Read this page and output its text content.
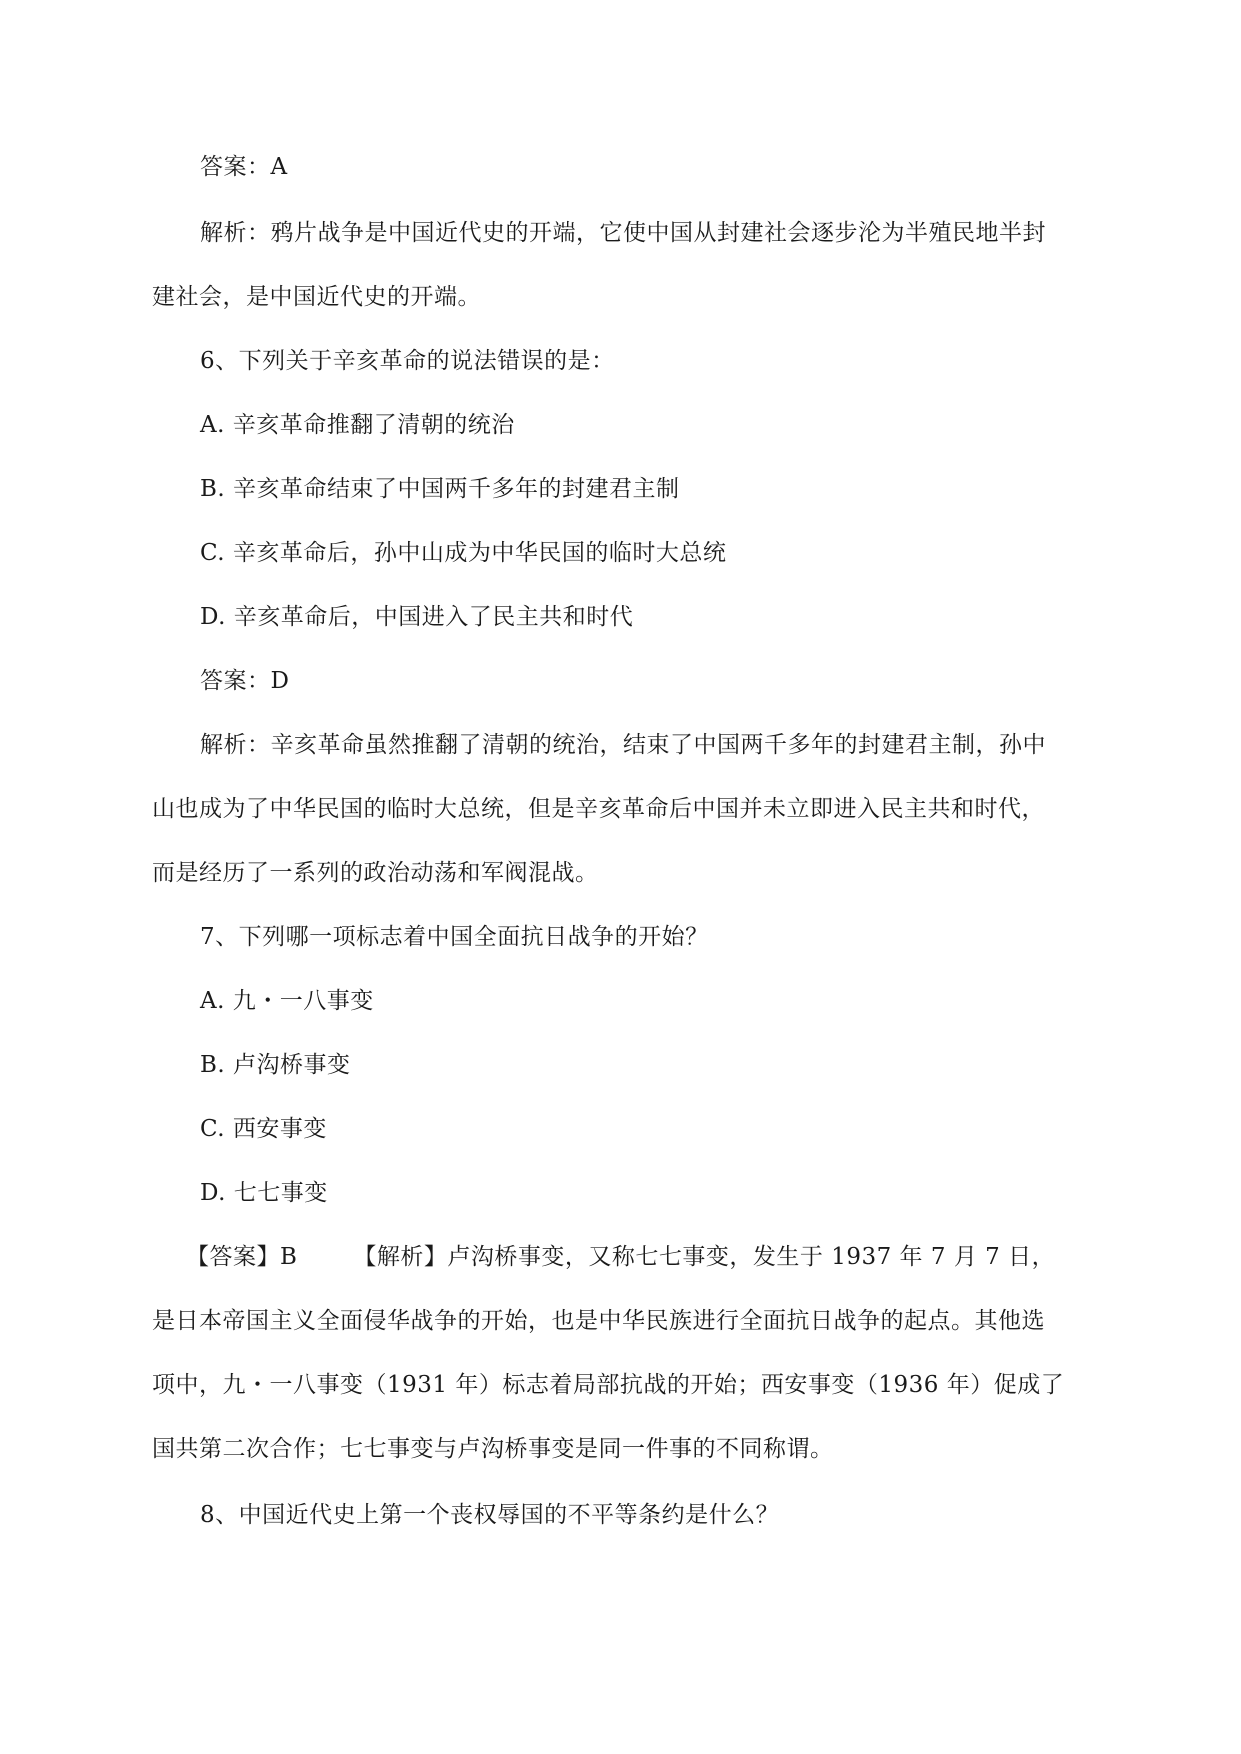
答案：A
解析：鸦片战争是中国近代史的开端，它使中国从封建社会逐步沦为半殖民地半封
建社会，是中国近代史的开端。
6、下列关于辛亥革命的说法错误的是：
A. 辛亥革命推翻了清朝的统治
B. 辛亥革命结束了中国两千多年的封建君主制
C. 辛亥革命后，孙中山成为中华民国的临时大总统
D. 辛亥革命后，中国进入了民主共和时代
答案：D
解析：辛亥革命虽然推翻了清朝的统治，结束了中国两千多年的封建君主制，孙中
山也成为了中华民国的临时大总统，但是辛亥革命后中国并未立即进入民主共和时代，
而是经历了一系列的政治动荡和军阀混战。
7、下列哪一项标志着中国全面抗日战争的开始？
A. 九・一八事变
B. 卢沟桥事变
C. 西安事变
D. 七七事变
【答案】B 【解析】卢沟桥事变，又称七七事变，发生于 1937 年 7 月 7 日，
是日本帝国主义全面侵华战争的开始，也是中华民族进行全面抗日战争的起点。其他选
项中，九・一八事变（1931 年）标志着局部抗战的开始；西安事变（1936 年）促成了
国共第二次合作；七七事变与卢沟桥事变是同一件事的不同称谓。
8、中国近代史上第一个丧权辱国的不平等条约是什么？
